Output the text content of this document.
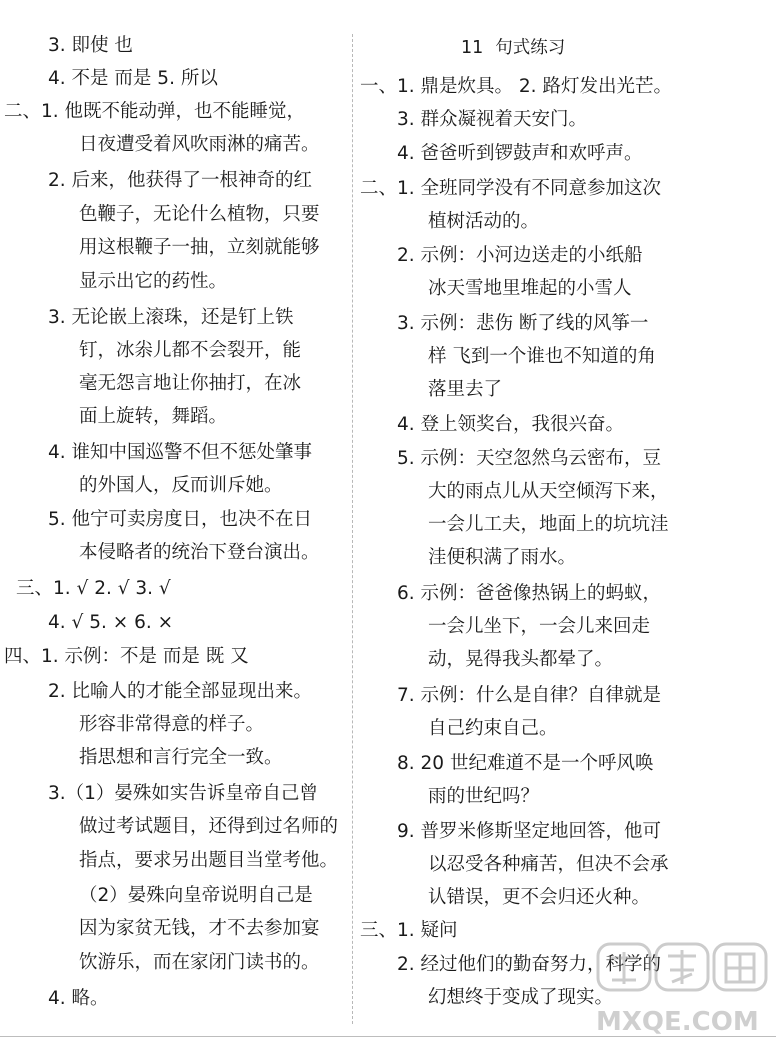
3. 即使 也
4. 不是 而是 5. 所以
二、1. 他既不能动弹，也不能睡觉，
日夜遭受着风吹雨淋的痛苦。
2. 后来，他获得了一根神奇的红
色鞭子，无论什么植物，只要
用这根鞭子一抽，立刻就能够
显示出它的药性。
3. 无论嵌上滚珠，还是钉上铁
钉，冰尜儿都不会裂开，能
毫无怨言地让你抽打，在冰
面上旋转，舞蹈。
4. 谁知中国巡警不但不惩处肇事
的外国人，反而训斥她。
5. 他宁可卖房度日，也决不在日
本侵略者的统治下登台演出。
三、1. √ 2. √ 3. √
4. √ 5. × 6. ×
四、1. 示例：不是 而是 既 又
2. 比喻人的才能全部显现出来。
形容非常得意的样子。
指思想和言行完全一致。
3.（1）晏殊如实告诉皇帝自己曾
做过考试题目，还得到过名师的
指点，要求另出题目当堂考他。
（2）晏殊向皇帝说明自己是
因为家贫无钱，才不去参加宴
饮游乐，而在家闭门读书的。
4. 略。
11 句式练习
一、1. 鼎是炊具。 2. 路灯发出光芒。
3. 群众凝视着天安门。
4. 爸爸听到锣鼓声和欢呼声。
二、1. 全班同学没有不同意参加这次
植树活动的。
2. 示例：小河边送走的小纸船
冰天雪地里堆起的小雪人
3. 示例：悲伤 断了线的风筝一
样 飞到一个谁也不知道的角
落里去了
4. 登上领奖台，我很兴奋。
5. 示例：天空忽然乌云密布，豆
大的雨点儿从天空倾泻下来，
一会儿工夫，地面上的坑坑洼
洼便积满了雨水。
6. 示例：爸爸像热锅上的蚂蚁，
一会儿坐下，一会儿来回走
动，晃得我头都晕了。
7. 示例：什么是自律？自律就是
自己约束自己。
8. 20 世纪难道不是一个呼风唤
雨的世纪吗？
9. 普罗米修斯坚定地回答，他可
以忍受各种痛苦，但决不会承
认错误，更不会归还火种。
三、1. 疑问
2. 经过他们的勤奋努力，科学的
幻想终于变成了现实。
MXQE.COM
